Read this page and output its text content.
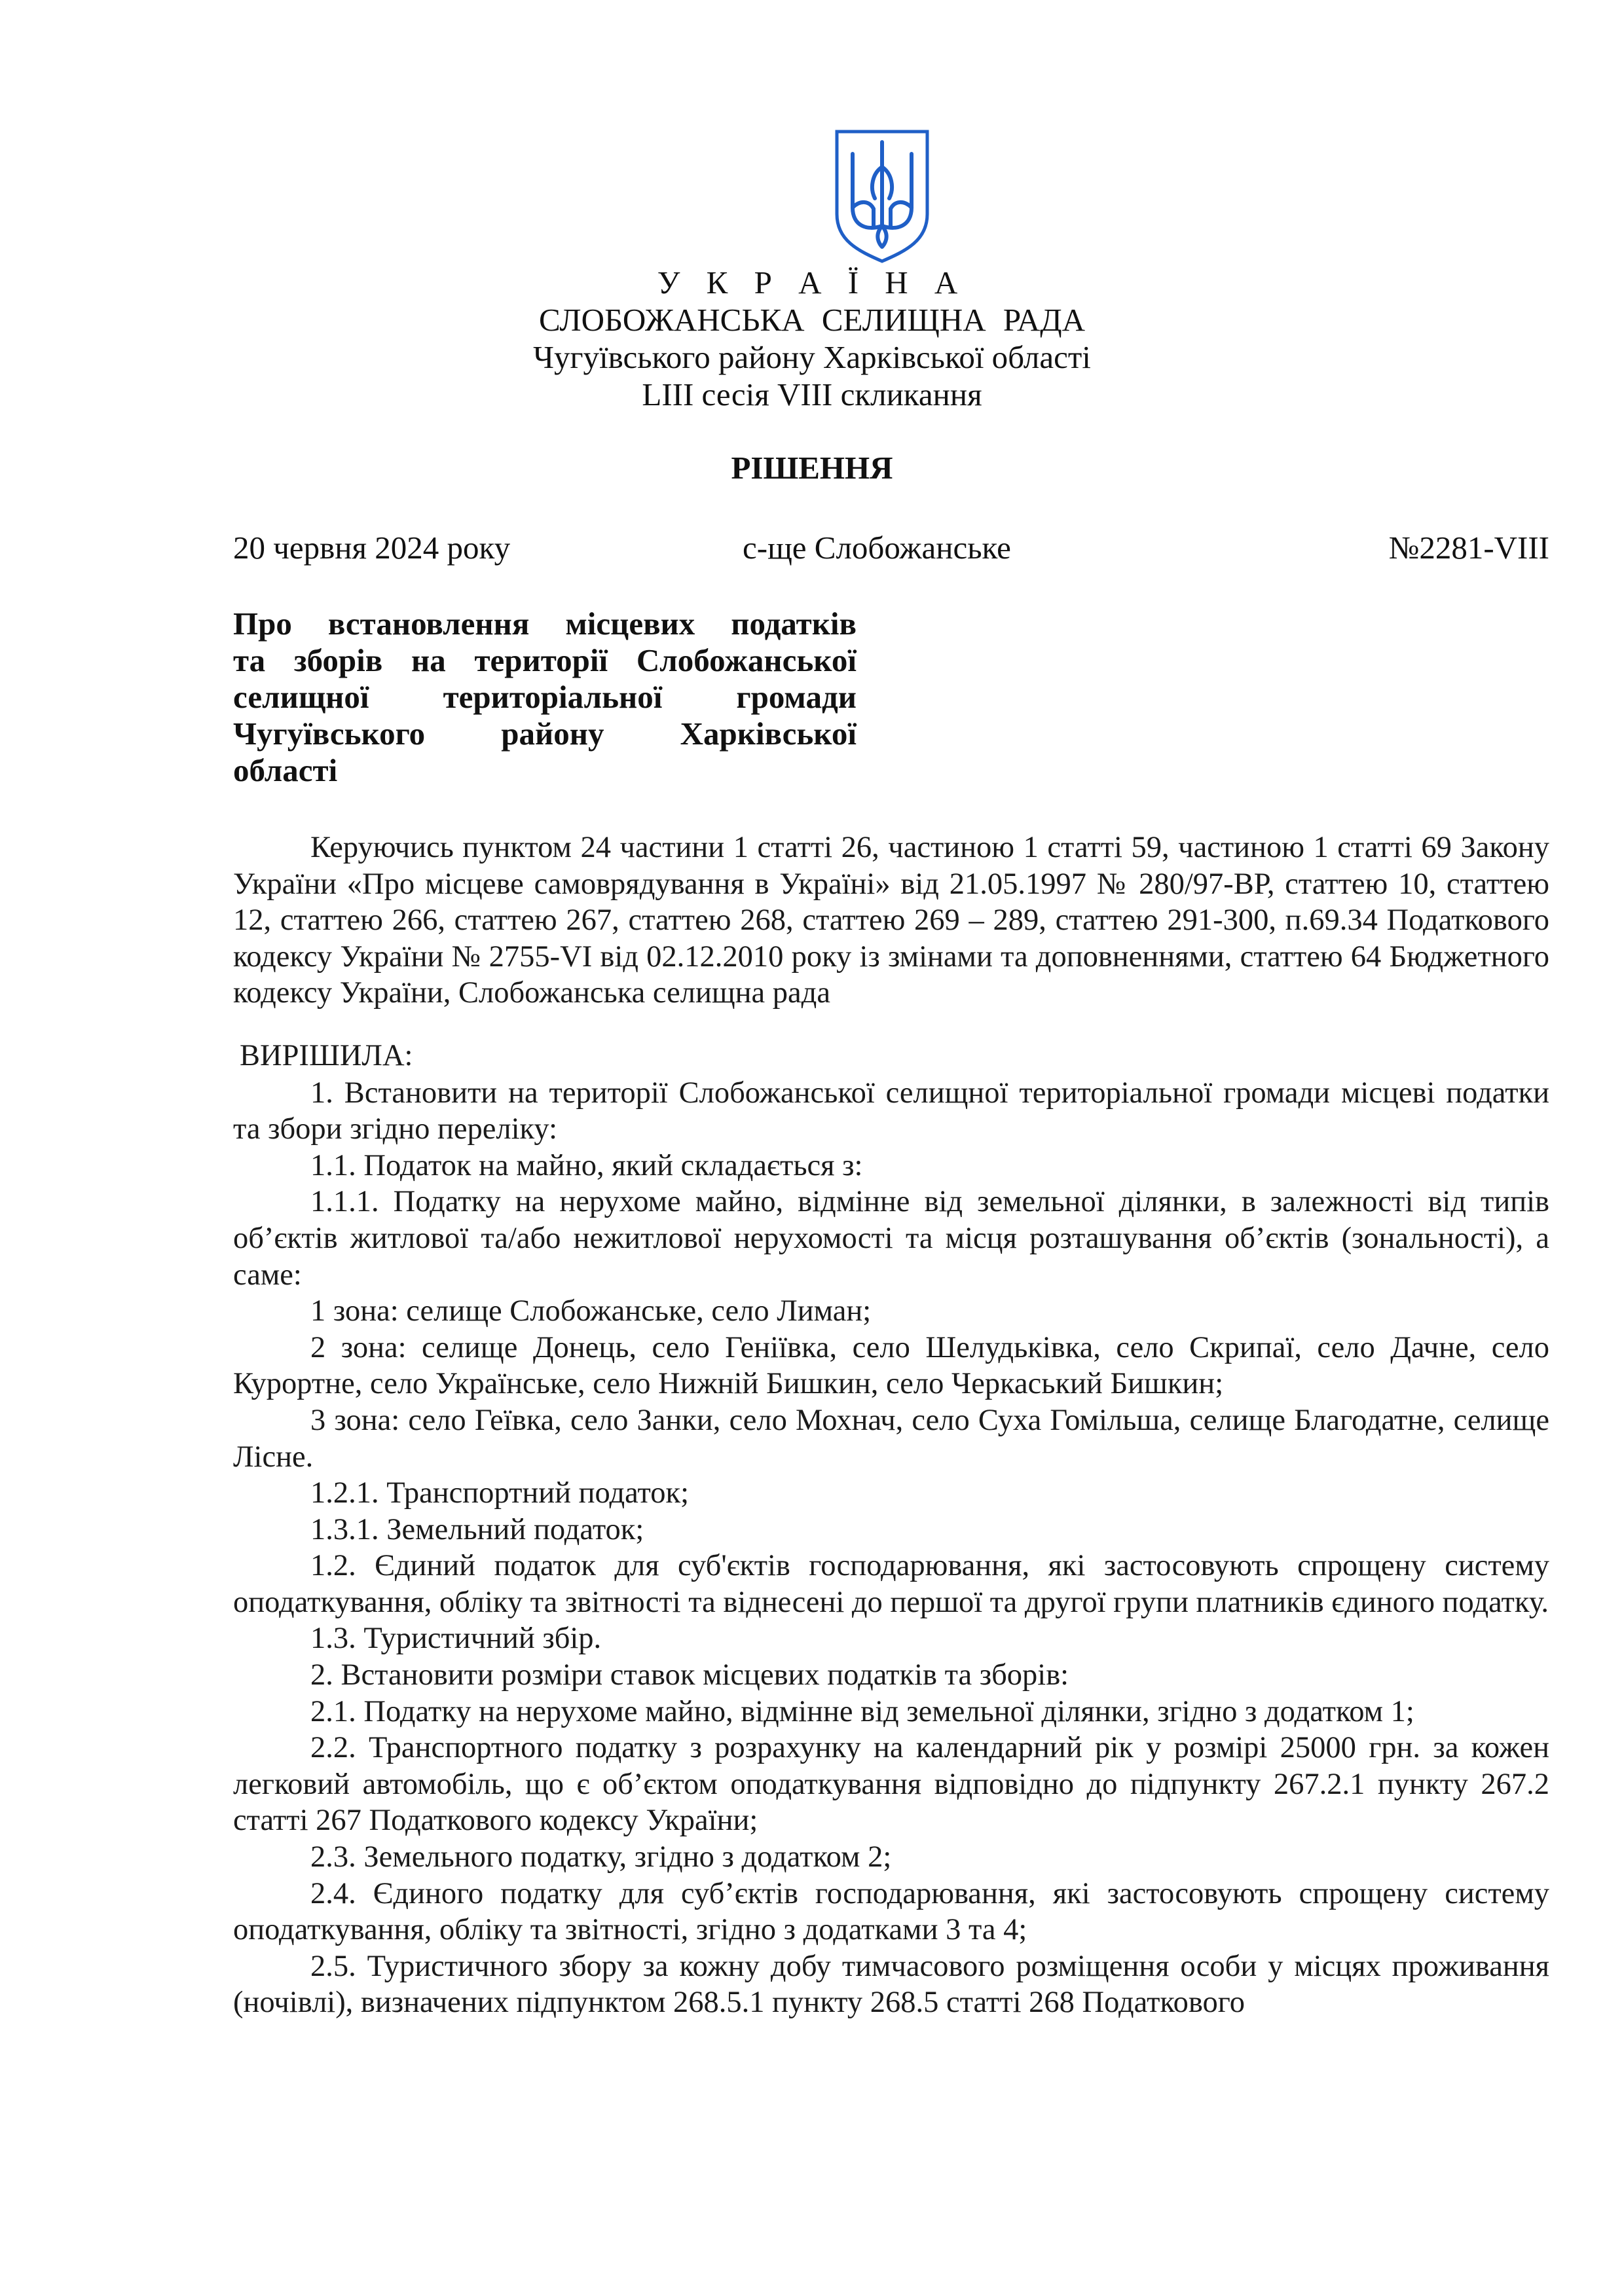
У К Р А Ї Н А
СЛОБОЖАНСЬКА СЕЛИЩНА РАДА
Чугуївського району Харківської області
LIII сесія VIII скликання
РІШЕННЯ
20 червня 2024 року	с-ще Слобожанське	№2281-VIII
Про встановлення місцевих податків
та зборів на території Слобожанської
селищної територіальної громади
Чугуївського району Харківської
області

Керуючись пунктом 24 частини 1 статті 26, частиною 1 статті 59, частиною 1 статті 69 Закону України «Про місцеве самоврядування в Україні» від 21.05.1997 № 280/97-ВР, статтею 10, статтею 12, статтею 266, статтею 267, статтею 268, статтею 269 – 289, статтею 291-300, п.69.34 Податкового кодексу України № 2755-VI від 02.12.2010 року із змінами та доповненнями, статтею 64 Бюджетного кодексу України, Слобожанська селищна рада

ВИРІШИЛА:

1. Встановити на території Слобожанської селищної територіальної громади місцеві податки та збори згідно переліку:

1.1. Податок на майно, який складається з:

1.1.1. Податку на нерухоме майно, відмінне від земельної ділянки, в залежності від типів об’єктів житлової та/або нежитлової нерухомості та місця розташування об’єктів (зональності), а саме:

1 зона: селище Слобожанське, село Лиман;

2 зона: селище Донець, село Геніївка, село Шелудьківка, село Скрипаї, село Дачне, село Курортне, село Українське, село Нижній Бишкин, село Черкаський Бишкин;

3 зона: село Геївка, село Занки, село Мохнач, село Суха Гомільша, селище Благодатне, селище Лісне.

1.2.1. Транспортний податок;

1.3.1. Земельний податок;

1.2. Єдиний податок для суб'єктів господарювання, які застосовують спрощену систему оподаткування, обліку та звітності та віднесені до першої та другої групи платників єдиного податку.

1.3. Туристичний збір.

2. Встановити розміри ставок місцевих податків та зборів:

2.1. Податку на нерухоме майно, відмінне від земельної ділянки, згідно з додатком 1;

2.2. Транспортного податку з розрахунку на календарний рік у розмірі 25000 грн. за кожен легковий автомобіль, що є об’єктом оподаткування відповідно до підпункту 267.2.1 пункту 267.2 статті 267 Податкового кодексу України;

2.3. Земельного податку, згідно з додатком 2;

2.4. Єдиного податку для суб’єктів господарювання, які застосовують спрощену систему оподаткування, обліку та звітності, згідно з додатками 3 та 4;

2.5. Туристичного збору за кожну добу тимчасового розміщення особи у місцях проживання (ночівлі), визначених підпунктом 268.5.1 пункту 268.5 статті 268 Податкового
